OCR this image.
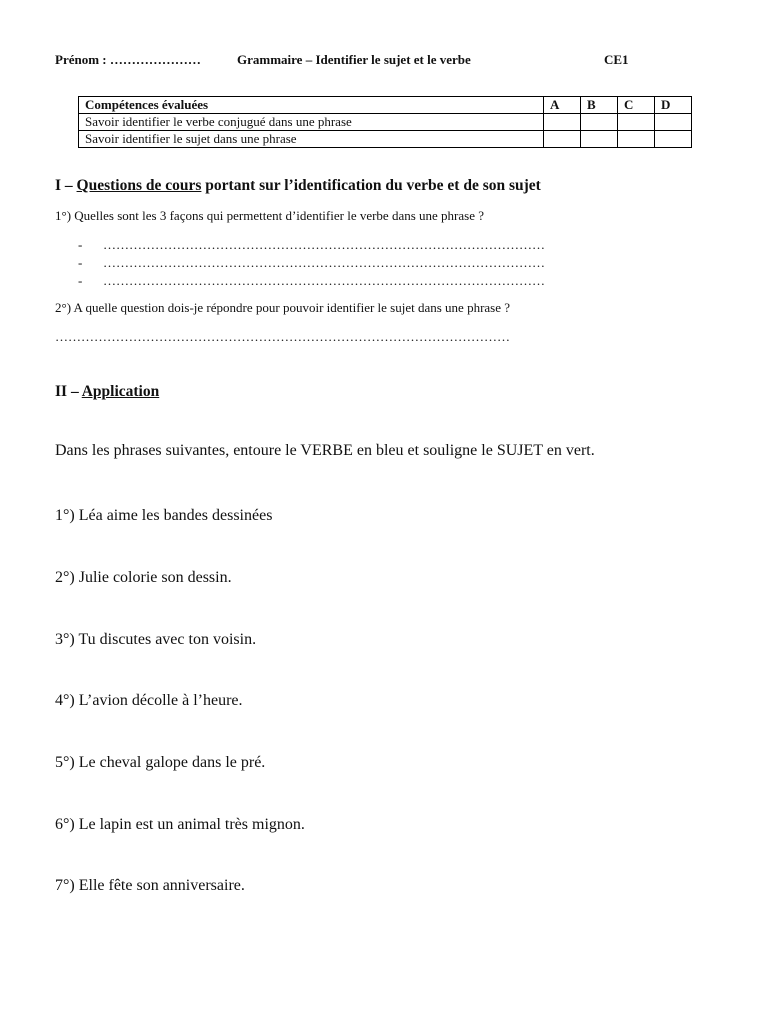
Prénom : …………………	Grammaire – Identifier le sujet et le verbe	CE1
Compétences évaluées	A	B	C	D
Savoir identifier le verbe conjugué dans une phrase				
Savoir identifier le sujet dans une phrase				
I – Questions de cours portant sur l’identification du verbe et de son sujet
1°) Quelles sont les 3 façons qui permettent d’identifier le verbe dans une phrase ?
- …………………………………………………………………………………………
- …………………………………………………………………………………………
- …………………………………………………………………………………………
2°) A quelle question dois-je répondre pour pouvoir identifier le sujet dans une phrase ?
……………………………………………………………………………………………
II – Application
Dans les phrases suivantes, entoure le VERBE en bleu et souligne le SUJET en vert.
1°) Léa aime les bandes dessinées
2°) Julie colorie son dessin.
3°) Tu discutes avec ton voisin.
4°) L’avion décolle à l’heure.
5°) Le cheval galope dans le pré.
6°) Le lapin est un animal très mignon.
7°) Elle fête son anniversaire.
